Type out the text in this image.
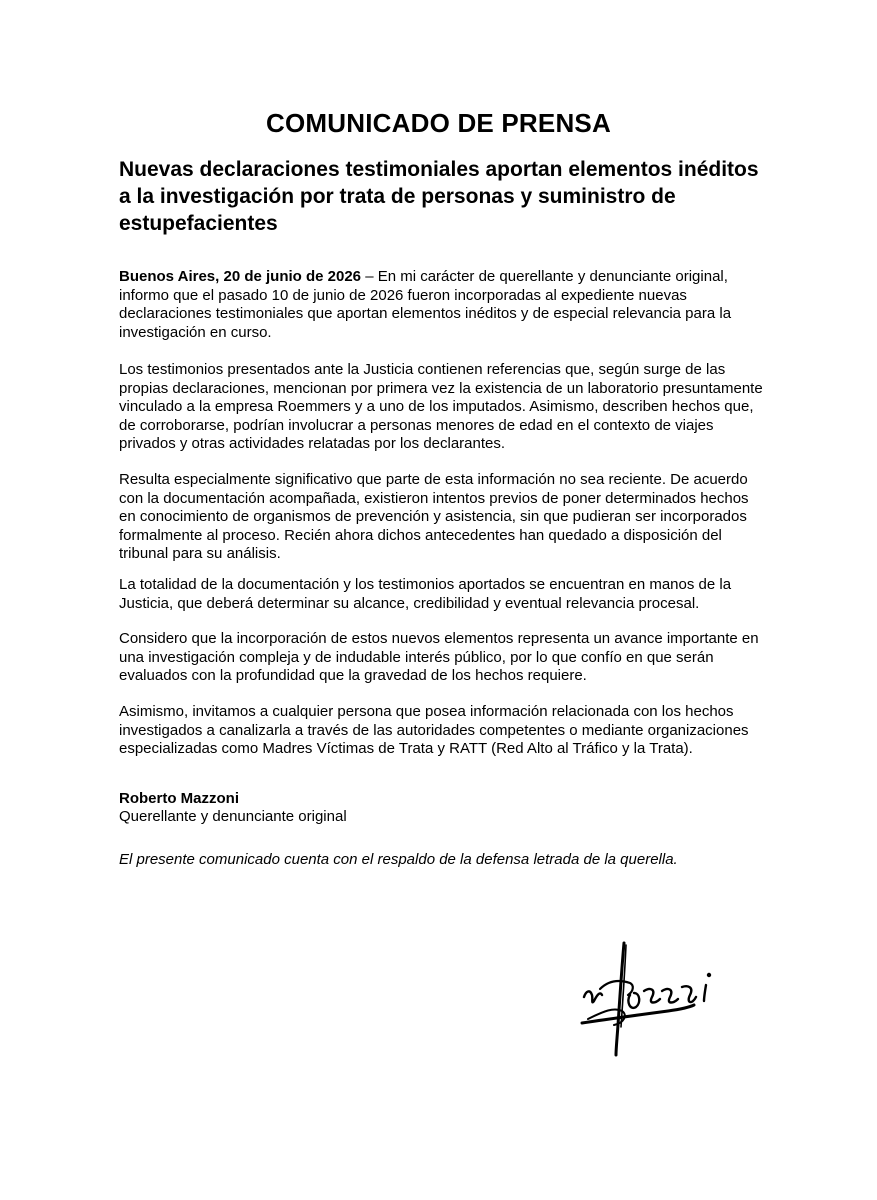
COMUNICADO DE PRENSA
Nuevas declaraciones testimoniales aportan elementos inéditos a la investigación por trata de personas y suministro de estupefacientes

Buenos Aires, 20 de junio de 2026 – En mi carácter de querellante y denunciante original, informo que el pasado 10 de junio de 2026 fueron incorporadas al expediente nuevas declaraciones testimoniales que aportan elementos inéditos y de especial relevancia para la investigación en curso.

Los testimonios presentados ante la Justicia contienen referencias que, según surge de las propias declaraciones, mencionan por primera vez la existencia de un laboratorio presuntamente vinculado a la empresa Roemmers y a uno de los imputados. Asimismo, describen hechos que, de corroborarse, podrían involucrar a personas menores de edad en el contexto de viajes privados y otras actividades relatadas por los declarantes.

Resulta especialmente significativo que parte de esta información no sea reciente. De acuerdo con la documentación acompañada, existieron intentos previos de poner determinados hechos en conocimiento de organismos de prevención y asistencia, sin que pudieran ser incorporados formalmente al proceso. Recién ahora dichos antecedentes han quedado a disposición del tribunal para su análisis.

La totalidad de la documentación y los testimonios aportados se encuentran en manos de la Justicia, que deberá determinar su alcance, credibilidad y eventual relevancia procesal.

Considero que la incorporación de estos nuevos elementos representa un avance importante en una investigación compleja y de indudable interés público, por lo que confío en que serán evaluados con la profundidad que la gravedad de los hechos requiere.

Asimismo, invitamos a cualquier persona que posea información relacionada con los hechos investigados a canalizarla a través de las autoridades competentes o mediante organizaciones especializadas como Madres Víctimas de Trata y RATT (Red Alto al Tráfico y la Trata).

Roberto Mazzoni

Querellante y denunciante original

El presente comunicado cuenta con el respaldo de la defensa letrada de la querella.
